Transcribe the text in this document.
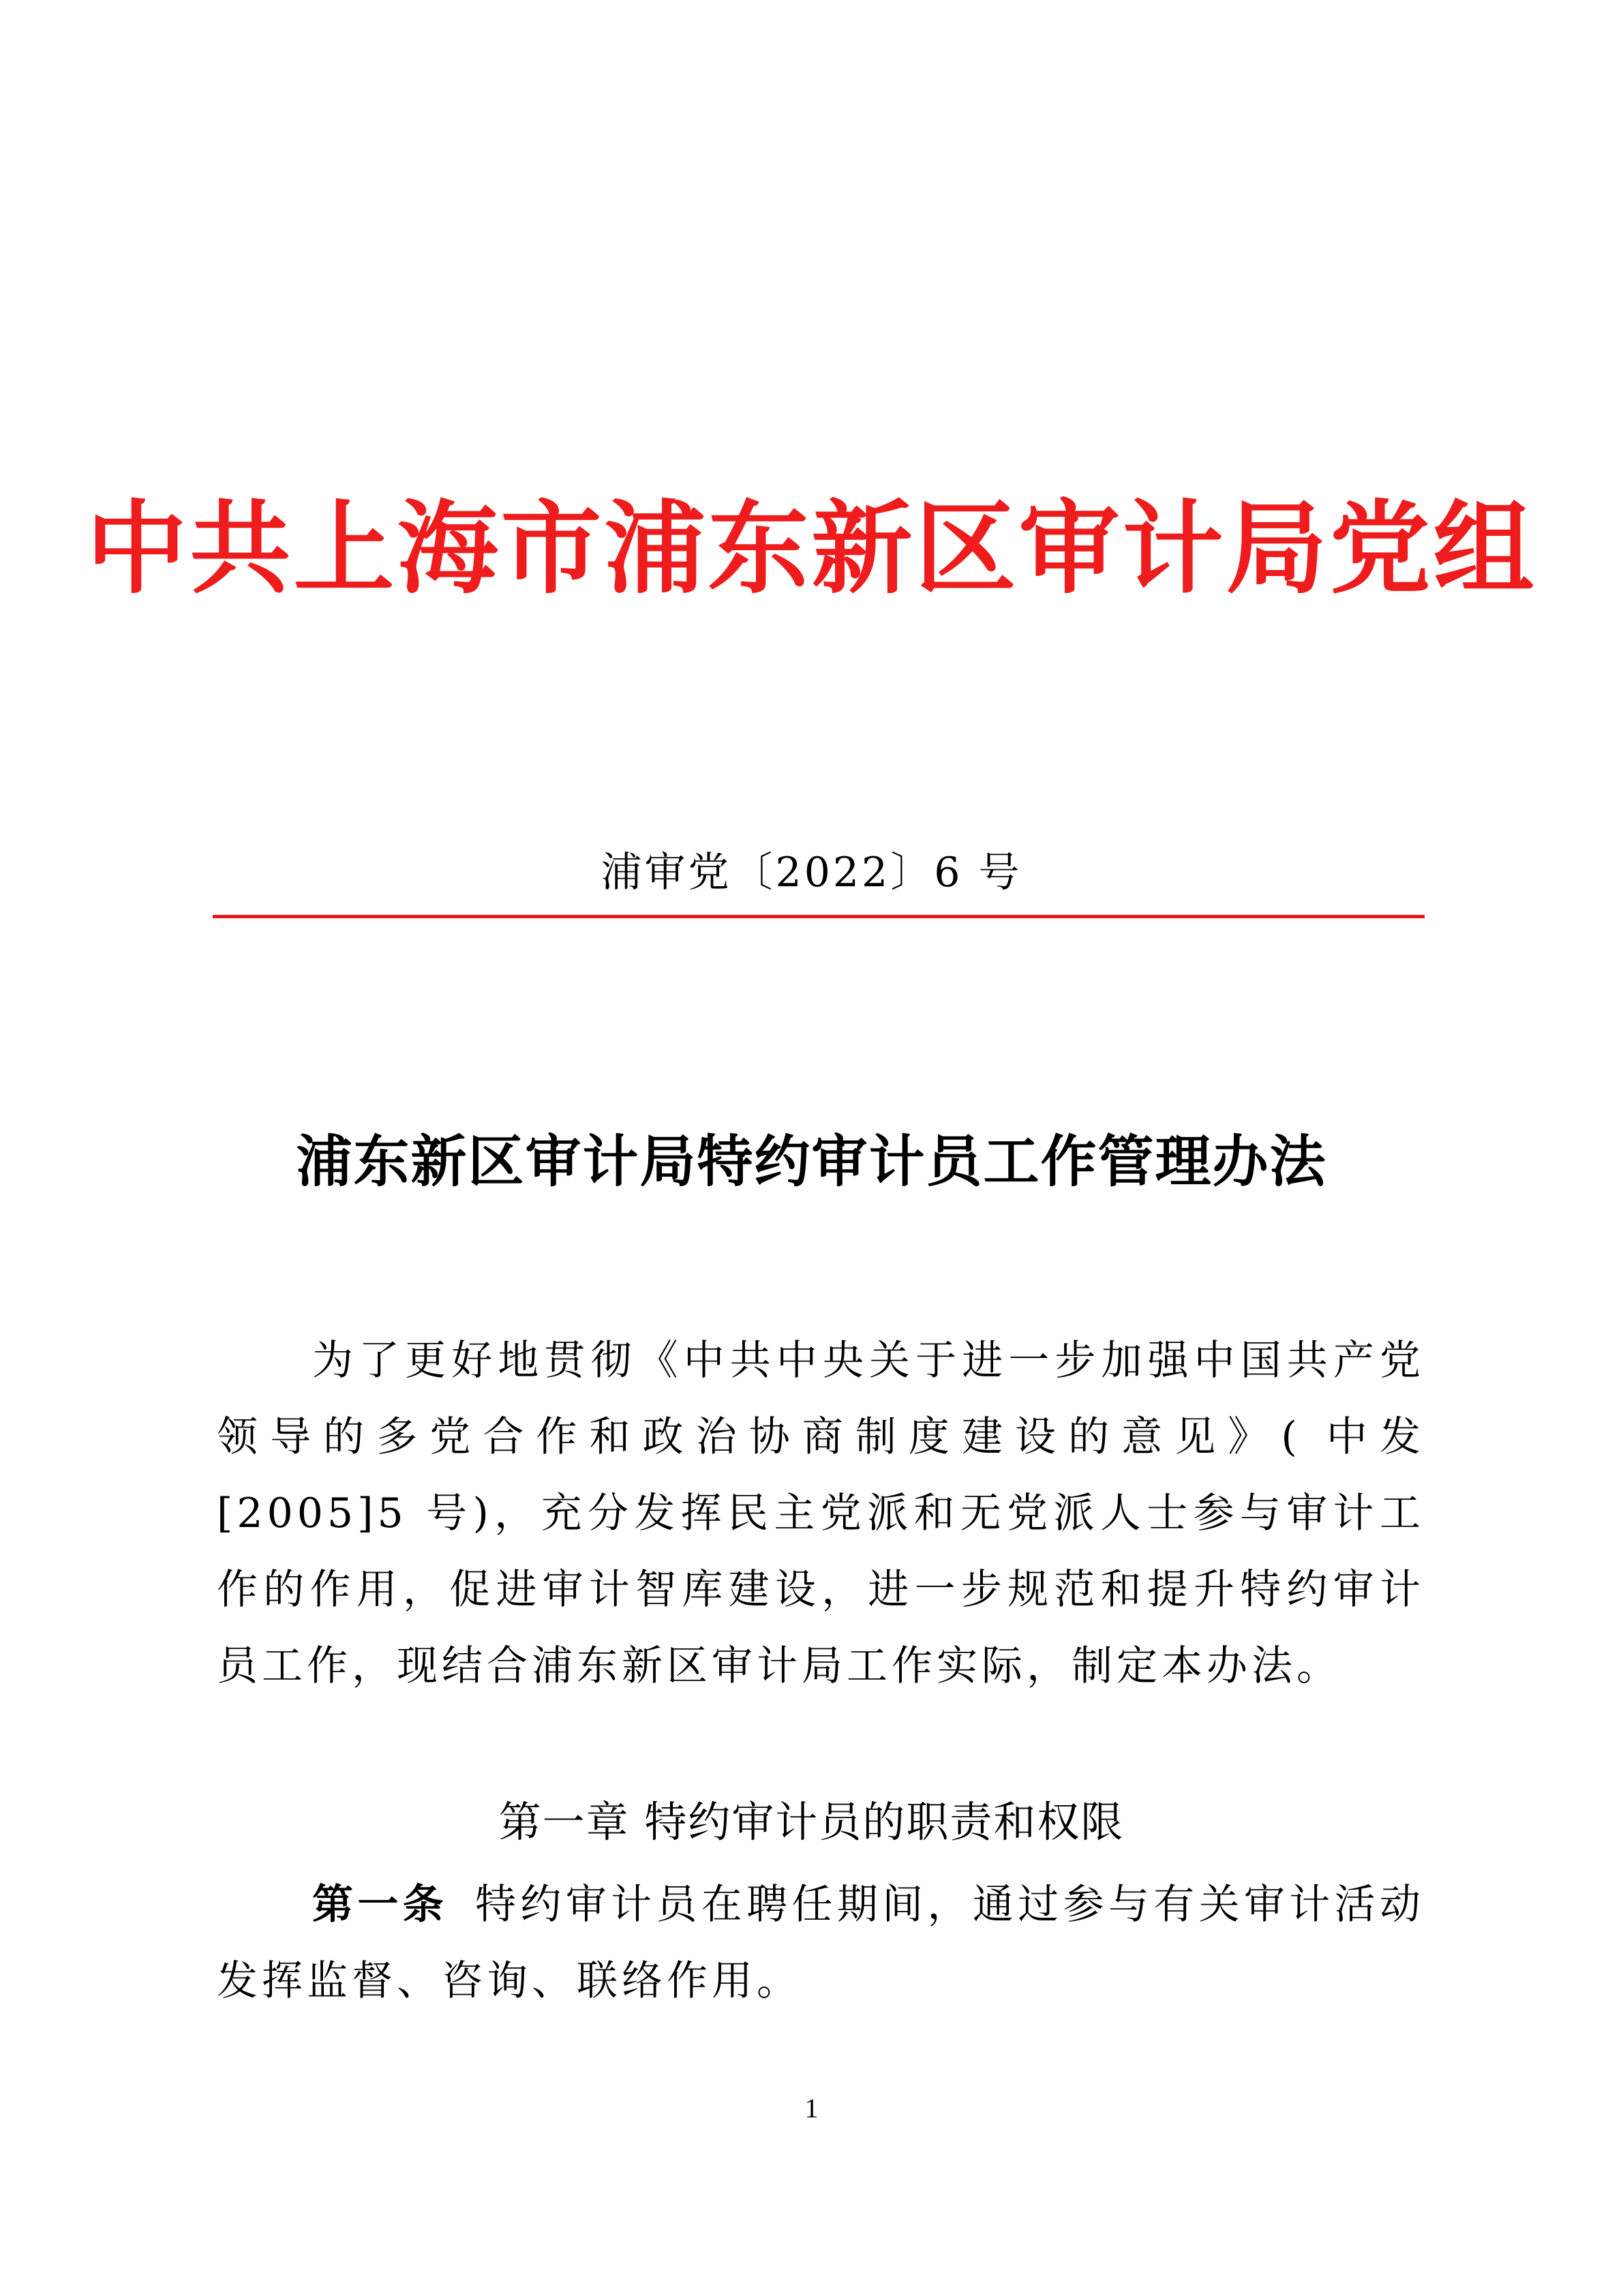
中共上海市浦东新区审计局党组
浦审党〔2022〕6 号
浦东新区审计局特约审计员工作管理办法
为了更好地贯彻《中共中央关于进一步加强中国共产党领导的多党合作和政治协商制度建设的意见》( 中发[2005]5 号)，充分发挥民主党派和无党派人士参与审计工作的作用，促进审计智库建设，进一步规范和提升特约审计员工作，现结合浦东新区审计局工作实际，制定本办法。
第一章 特约审计员的职责和权限
第一条 特约审计员在聘任期间，通过参与有关审计活动发挥监督、咨询、联络作用。
1
